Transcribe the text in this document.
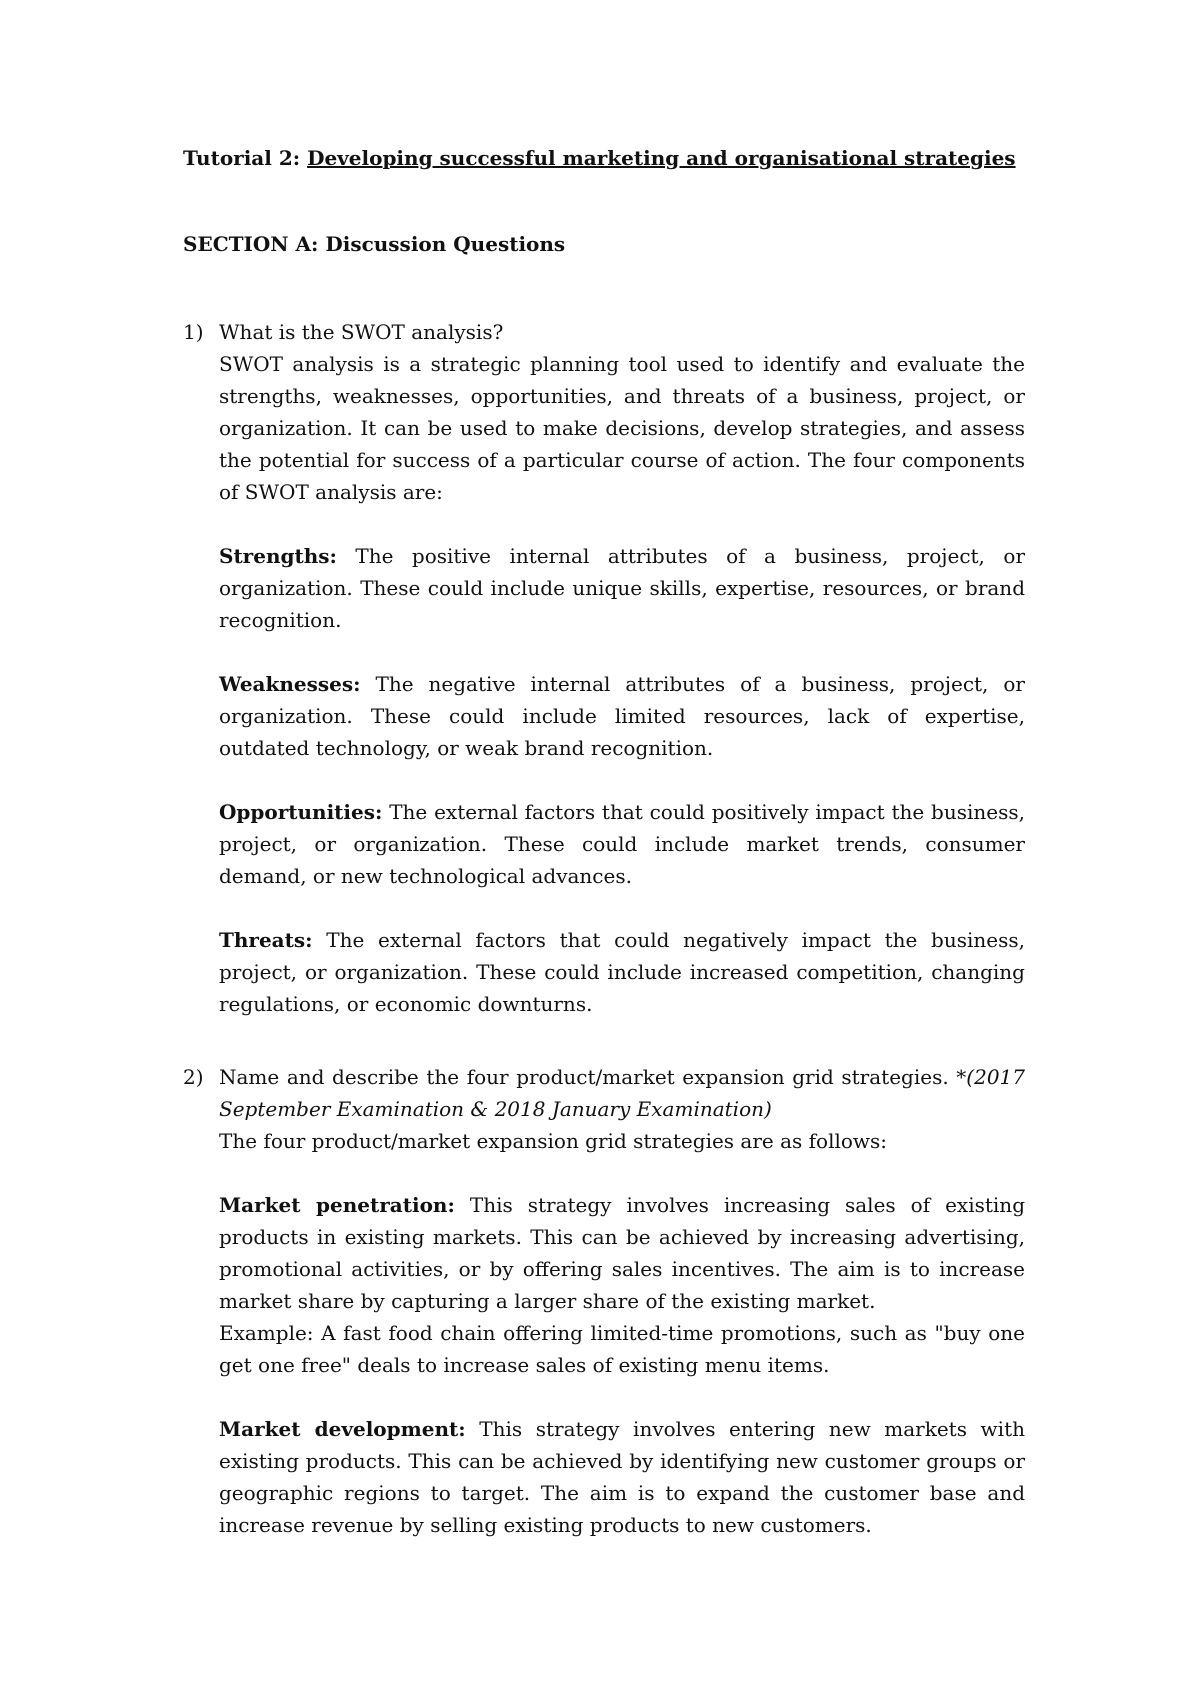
Tutorial 2: Developing successful marketing and organisational strategies
SECTION A: Discussion Questions
1) What is the SWOT analysis?

SWOT analysis is a strategic planning tool used to identify and evaluate the strengths, weaknesses, opportunities, and threats of a business, project, or organization. It can be used to make decisions, develop strategies, and assess the potential for success of a particular course of action. The four components of SWOT analysis are:

Strengths: The positive internal attributes of a business, project, or organization. These could include unique skills, expertise, resources, or brand recognition.

Weaknesses: The negative internal attributes of a business, project, or organization. These could include limited resources, lack of expertise, outdated technology, or weak brand recognition.

Opportunities: The external factors that could positively impact the business, project, or organization. These could include market trends, consumer demand, or new technological advances.

Threats: The external factors that could negatively impact the business, project, or organization. These could include increased competition, changing regulations, or economic downturns.

2) Name and describe the four product/market expansion grid strategies. *(2017 September Examination & 2018 January Examination)

The four product/market expansion grid strategies are as follows:

Market penetration: This strategy involves increasing sales of existing products in existing markets. This can be achieved by increasing advertising, promotional activities, or by offering sales incentives. The aim is to increase market share by capturing a larger share of the existing market.

Example: A fast food chain offering limited-time promotions, such as "buy one get one free" deals to increase sales of existing menu items.

Market development: This strategy involves entering new markets with existing products. This can be achieved by identifying new customer groups or geographic regions to target. The aim is to expand the customer base and increase revenue by selling existing products to new customers.
